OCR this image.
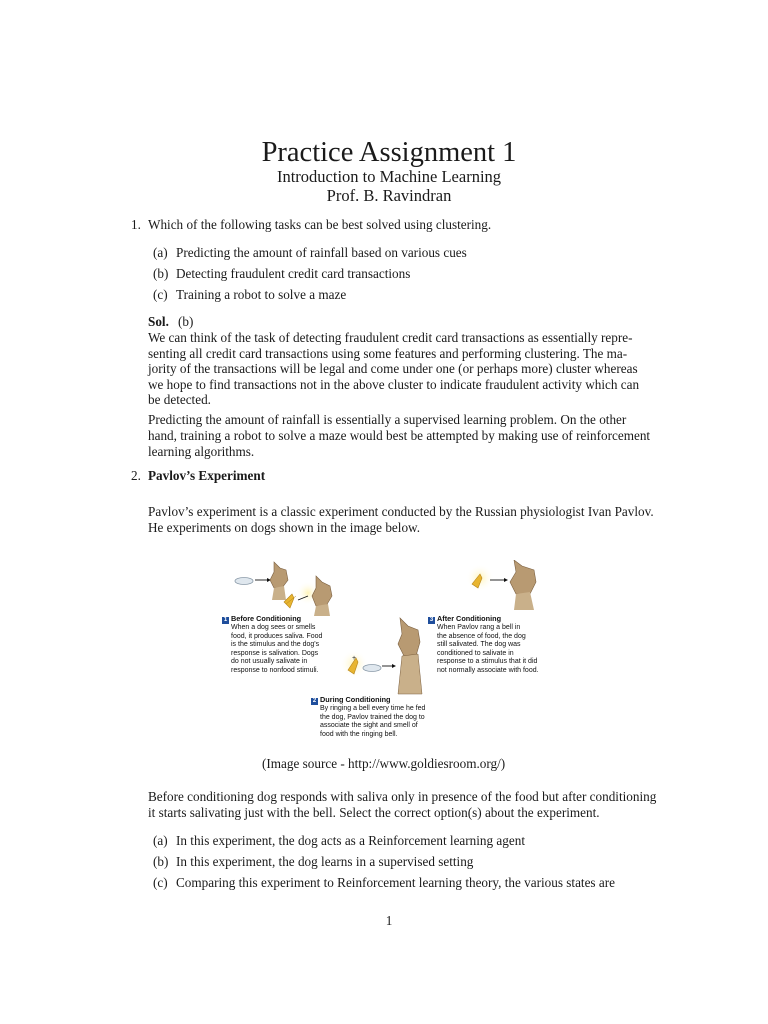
Practice Assignment 1

Introduction to Machine Learning

Prof. B. Ravindran

1. Which of the following tasks can be best solved using clustering.
(a) Predicting the amount of rainfall based on various cues
(b) Detecting fraudulent credit card transactions
(c) Training a robot to solve a maze
Sol. (b)
We can think of the task of detecting fraudulent credit card transactions as essentially repre-
senting all credit card transactions using some features and performing clustering. The ma-
jority of the transactions will be legal and come under one (or perhaps more) cluster whereas
we hope to find transactions not in the above cluster to indicate fraudulent activity which can
be detected.
Predicting the amount of rainfall is essentially a supervised learning problem. On the other
hand, training a robot to solve a maze would best be attempted by making use of reinforcement
learning algorithms.
2. Pavlov’s Experiment
Pavlov’s experiment is a classic experiment conducted by the Russian physiologist Ivan Pavlov.
He experiments on dogs shown in the image below.
+
1 Before Conditioning
When a dog sees or smells
food, it produces saliva. Food
is the stimulus and the dog's
response is salivation. Dogs
do not usually salivate in
response to nonfood stimuli.
3 After Conditioning
When Pavlov rang a bell in
the absence of food, the dog
still salivated. The dog was
conditioned to salivate in
response to a stimulus that it did
not normally associate with food.
2 During Conditioning
By ringing a bell every time he fed
the dog, Pavlov trained the dog to
associate the sight and smell of
food with the ringing bell.
(Image source - http://www.goldiesroom.org/)
Before conditioning dog responds with saliva only in presence of the food but after conditioning
it starts salivating just with the bell. Select the correct option(s) about the experiment.
(a) In this experiment, the dog acts as a Reinforcement learning agent
(b) In this experiment, the dog learns in a supervised setting
(c) Comparing this experiment to Reinforcement learning theory, the various states are
1
